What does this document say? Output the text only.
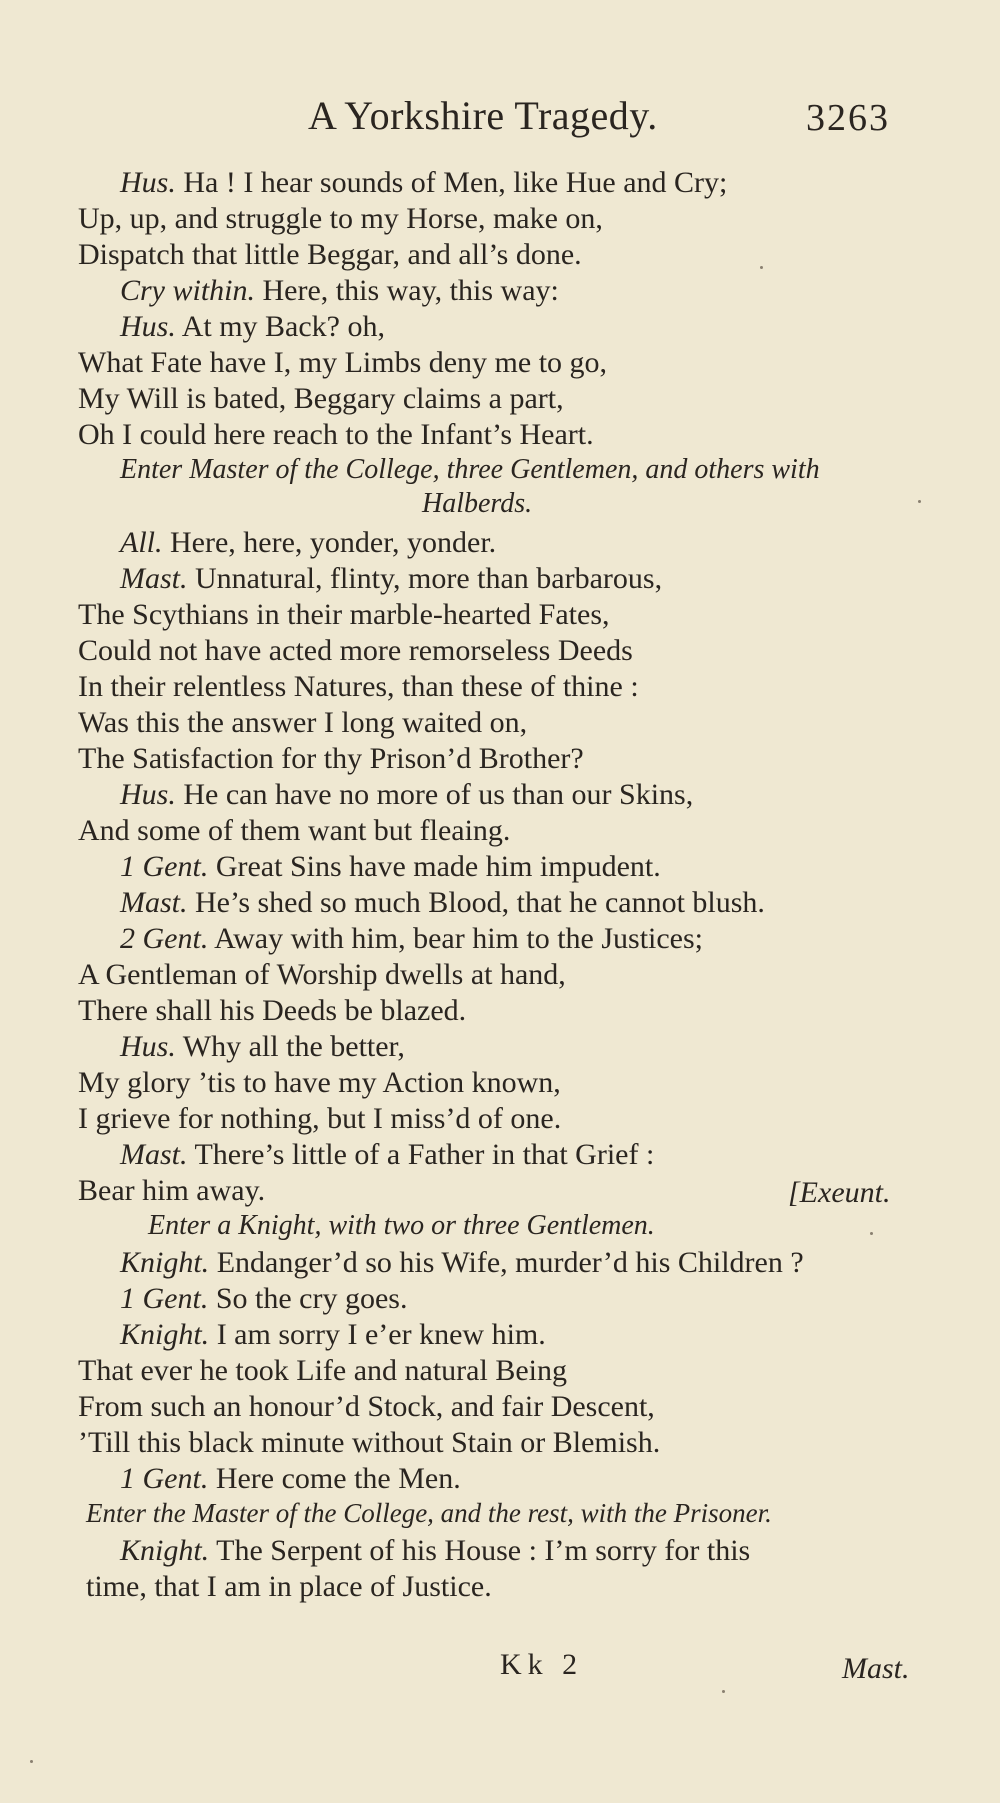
A Yorkshire Tragedy.	3263
Hus. Ha ! I hear sounds of Men, like Hue and Cry;
Up, up, and struggle to my Horse, make on,
Dispatch that little Beggar, and all’s done.
Cry within. Here, this way, this way:
Hus. At my Back? oh,
What Fate have I, my Limbs deny me to go,
My Will is bated, Beggary claims a part,
Oh I could here reach to the Infant’s Heart.
Enter Master of the College, three Gentlemen, and others with
Halberds.
All. Here, here, yonder, yonder.
Mast. Unnatural, flinty, more than barbarous,
The Scythians in their marble-hearted Fates,
Could not have acted more remorseless Deeds
In their relentless Natures, than these of thine :
Was this the answer I long waited on,
The Satisfaction for thy Prison’d Brother?
Hus. He can have no more of us than our Skins,
And some of them want but fleaing.
1 Gent. Great Sins have made him impudent.
Mast. He’s shed so much Blood, that he cannot blush.
2 Gent. Away with him, bear him to the Justices;
A Gentleman of Worship dwells at hand,
There shall his Deeds be blazed.
Hus. Why all the better,
My glory ’tis to have my Action known,
I grieve for nothing, but I miss’d of one.
Mast. There’s little of a Father in that Grief :
Bear him away.	[Exeunt.
Enter a Knight, with two or three Gentlemen.
Knight. Endanger’d so his Wife, murder’d his Children ?
1 Gent. So the cry goes.
Knight. I am sorry I e’er knew him.
That ever he took Life and natural Being
From such an honour’d Stock, and fair Descent,
’Till this black minute without Stain or Blemish.
1 Gent. Here come the Men.
Enter the Master of the College, and the rest, with the Prisoner.
Knight. The Serpent of his House : I’m sorry for this
time, that I am in place of Justice.
Kk 2	Mast.
